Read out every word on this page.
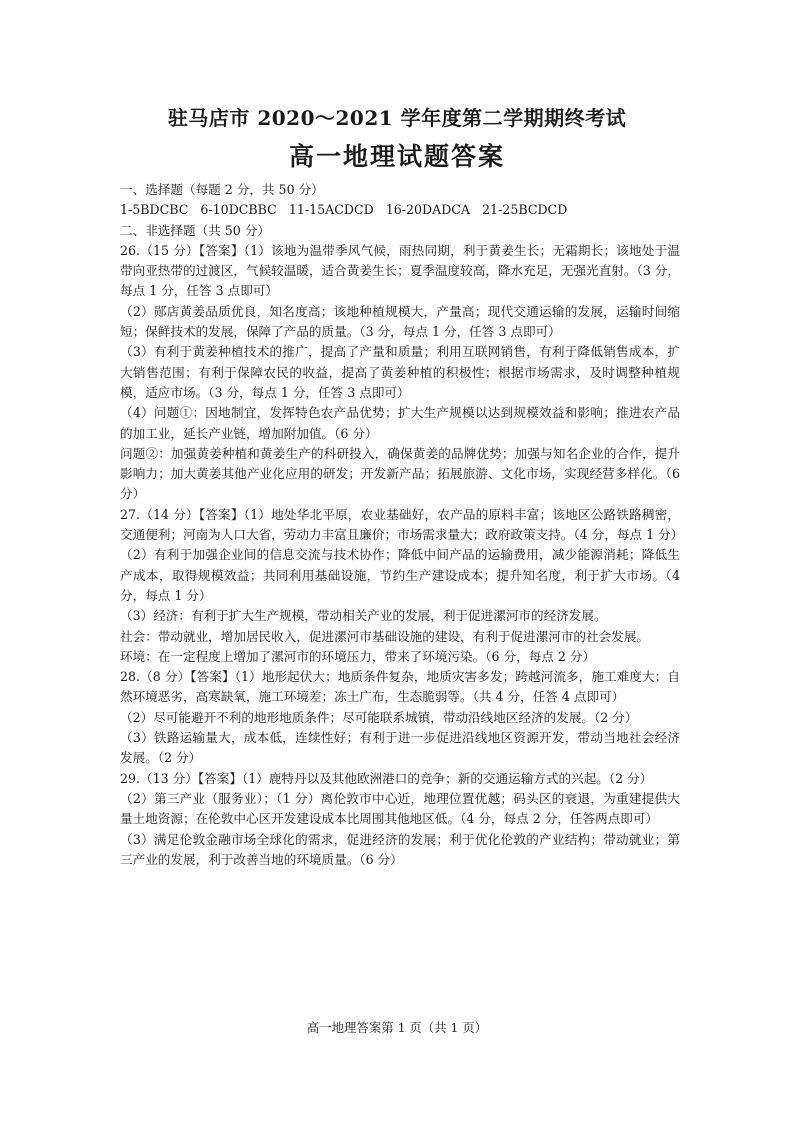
驻马店市 2020～2021 学年度第二学期期终考试
高一地理试题答案

一、选择题（每题 2 分，共 50 分）

1-5BDCBC   6-10DCBBC   11-15ACDCD   16-20DADCA   21-25BCDCD

二、非选择题（共 50 分）

26.（15 分）【答案】（1）该地为温带季风气候，雨热同期，利于黄姜生长；无霜期长；该地处于温带向亚热带的过渡区，气候较温暖，适合黄姜生长；夏季温度较高，降水充足，无强光直射。（3 分，每点 1 分，任答 3 点即可）

（2）郧店黄姜品质优良，知名度高；该地种植规模大，产量高；现代交通运输的发展，运输时间缩短；保鲜技术的发展，保障了产品的质量。（3 分，每点 1 分，任答 3 点即可）

（3）有利于黄姜种植技术的推广，提高了产量和质量；利用互联网销售，有利于降低销售成本，扩大销售范围；有利于保障农民的收益，提高了黄姜种植的积极性；根据市场需求，及时调整种植规模，适应市场。（3 分，每点 1 分，任答 3 点即可）

（4）问题①：因地制宜，发挥特色农产品优势；扩大生产规模以达到规模效益和影响；推进农产品的加工业，延长产业链，增加附加值。（6 分）

问题②：加强黄姜种植和黄姜生产的科研投入，确保黄姜的品牌优势；加强与知名企业的合作，提升影响力；加大黄姜其他产业化应用的研发；开发新产品；拓展旅游、文化市场，实现经营多样化。（6 分）

27.（14 分）【答案】（1）地处华北平原，农业基础好，农产品的原料丰富；该地区公路铁路稠密，交通便利；河南为人口大省，劳动力丰富且廉价；市场需求量大；政府政策支持。（4 分，每点 1 分）

（2）有利于加强企业间的信息交流与技术协作；降低中间产品的运输费用，减少能源消耗；降低生产成本，取得规模效益；共同利用基础设施，节约生产建设成本；提升知名度，利于扩大市场。（4 分，每点 1 分）

（3）经济：有利于扩大生产规模，带动相关产业的发展，利于促进漯河市的经济发展。

社会：带动就业，增加居民收入，促进漯河市基础设施的建设，有利于促进漯河市的社会发展。

环境：在一定程度上增加了漯河市的环境压力，带来了环境污染。（6 分，每点 2 分）

28.（8 分）【答案】（1）地形起伏大；地质条件复杂，地质灾害多发；跨越河流多，施工难度大；自然环境恶劣，高寒缺氧，施工环境差；冻土广布，生态脆弱等。（共 4 分，任答 4 点即可）

（2）尽可能避开不利的地形地质条件；尽可能联系城镇，带动沿线地区经济的发展。（2 分）

（3）铁路运输量大，成本低，连续性好；有利于进一步促进沿线地区资源开发，带动当地社会经济发展。（2 分）

29.（13 分）【答案】（1）鹿特丹以及其他欧洲港口的竞争；新的交通运输方式的兴起。（2 分）

（2）第三产业（服务业）；（1 分）离伦敦市中心近，地理位置优越；码头区的衰退，为重建提供大量土地资源；在伦敦中心区开发建设成本比周围其他地区低。（4 分，每点 2 分，任答两点即可）

（3）满足伦敦金融市场全球化的需求，促进经济的发展；利于优化伦敦的产业结构；带动就业；第三产业的发展，利于改善当地的环境质量。（6 分）

高一地理答案第 1 页（共 1 页）
